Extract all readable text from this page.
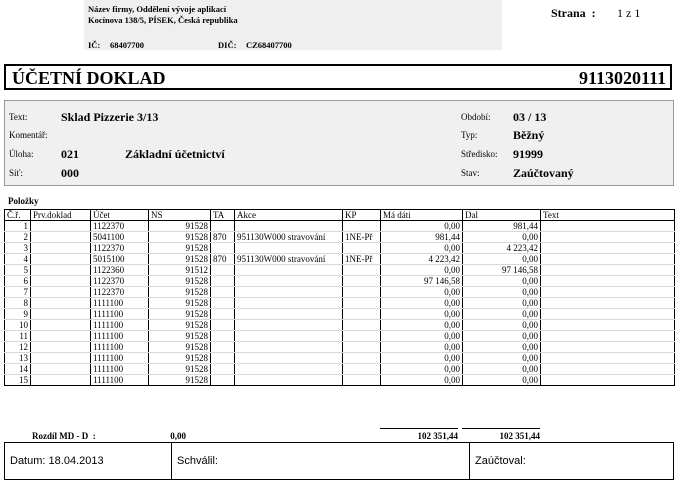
Název firmy, Oddělení vývoje aplikací
Kocínova 138/5, PÍSEK, Česká republika
IČ: 68407700	DIČ: CZ68407700
Strana  : 1 z 1
ÚČETNÍ DOKLAD	9113020111
Text:	Sklad Pizzerie 3/13
Komentář:
Úloha: 021	Základní účetnictví
Síť:	000
Období: 03 / 13
Typ:	Běžný
Středisko: 91999
Stav:	Zaúčtovaný
Položky
Č.ř.	Prv.doklad	Účet	NS	TA	Akce	KP	Má dáti	Dal	Text
1		1122370	91528				0,00	981,44	
2		5041100	91528	870	951130W000 stravování	1NE-Př	981,44	0,00	
3		1122370	91528				0,00	4 223,42	
4		5015100	91528	870	951130W000 stravování	1NE-Př	4 223,42	0,00	
5		1122360	91512				0,00	97 146,58	
6		1122370	91528				97 146,58	0,00	
7		1122370	91528				0,00	0,00	
8		1111100	91528				0,00	0,00	
9		1111100	91528				0,00	0,00	
10		1111100	91528				0,00	0,00	
11		1111100	91528				0,00	0,00	
12		1111100	91528				0,00	0,00	
13		1111100	91528				0,00	0,00	
14		1111100	91528				0,00	0,00	
15		1111100	91528				0,00	0,00	
Rozdíl MD - D  :	0,00	102 351,44	102 351,44
Datum: 18.04.2013	Schválil:	Zaúčtoval:
